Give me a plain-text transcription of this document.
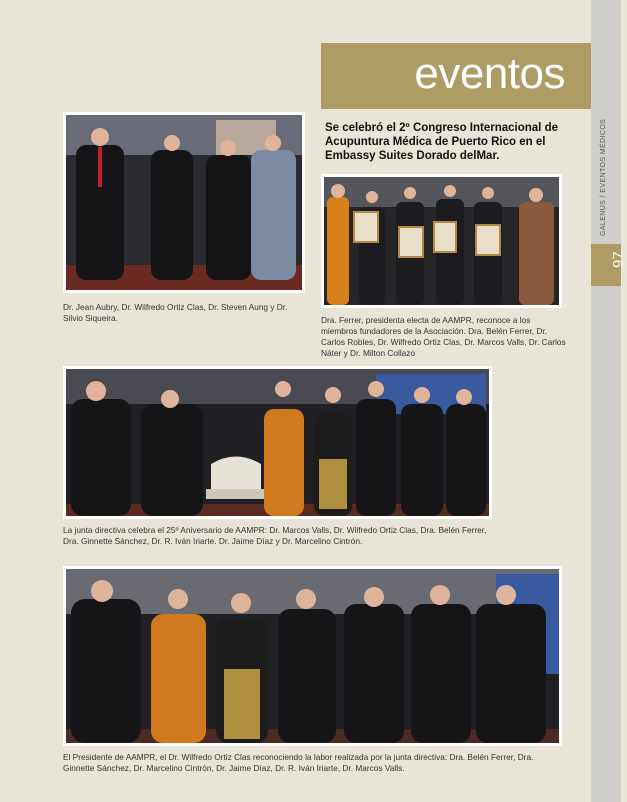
GALENUS / EVENTOS MÉDICOS
97
eventos
Se celebró el 2º Congreso Internacional de Acupuntura Médica de Puerto Rico en el Embassy Suites Dorado delMar.
Dr. Jean Aubry, Dr. Wilfredo Ortiz Clas, Dr. Steven Aung y Dr. Silvio Siqueira.	Dra. Ferrer, presidenta electa de AAMPR, reconoce a los miembros fundadores de la Asociación. Dra. Belén Ferrer, Dr. Carlos Robles, Dr. Wilfredo Ortiz Clas, Dr. Marcos Valls, Dr. Carlos Náter y Dr. Milton Collazo
La junta directiva celebra el 25º Aniversario de AAMPR: Dr. Marcos Valls, Dr. Wilfredo Ortiz Clas, Dra. Belén Ferrer, Dra. Ginnette Sánchez, Dr. R. Iván Iriarte. Dr. Jaime Díaz y Dr. Marcelino Cintrón.
El Presidente de AAMPR, el Dr. Wilfredo Ortiz Clas reconociendo la labor realizada por la junta directiva: Dra. Belén Ferrer, Dra. Ginnette Sánchez, Dr. Marcelino Cintrón, Dr. Jaime Díaz, Dr. R. Iván Iriarte, Dr. Marcos Valls.
